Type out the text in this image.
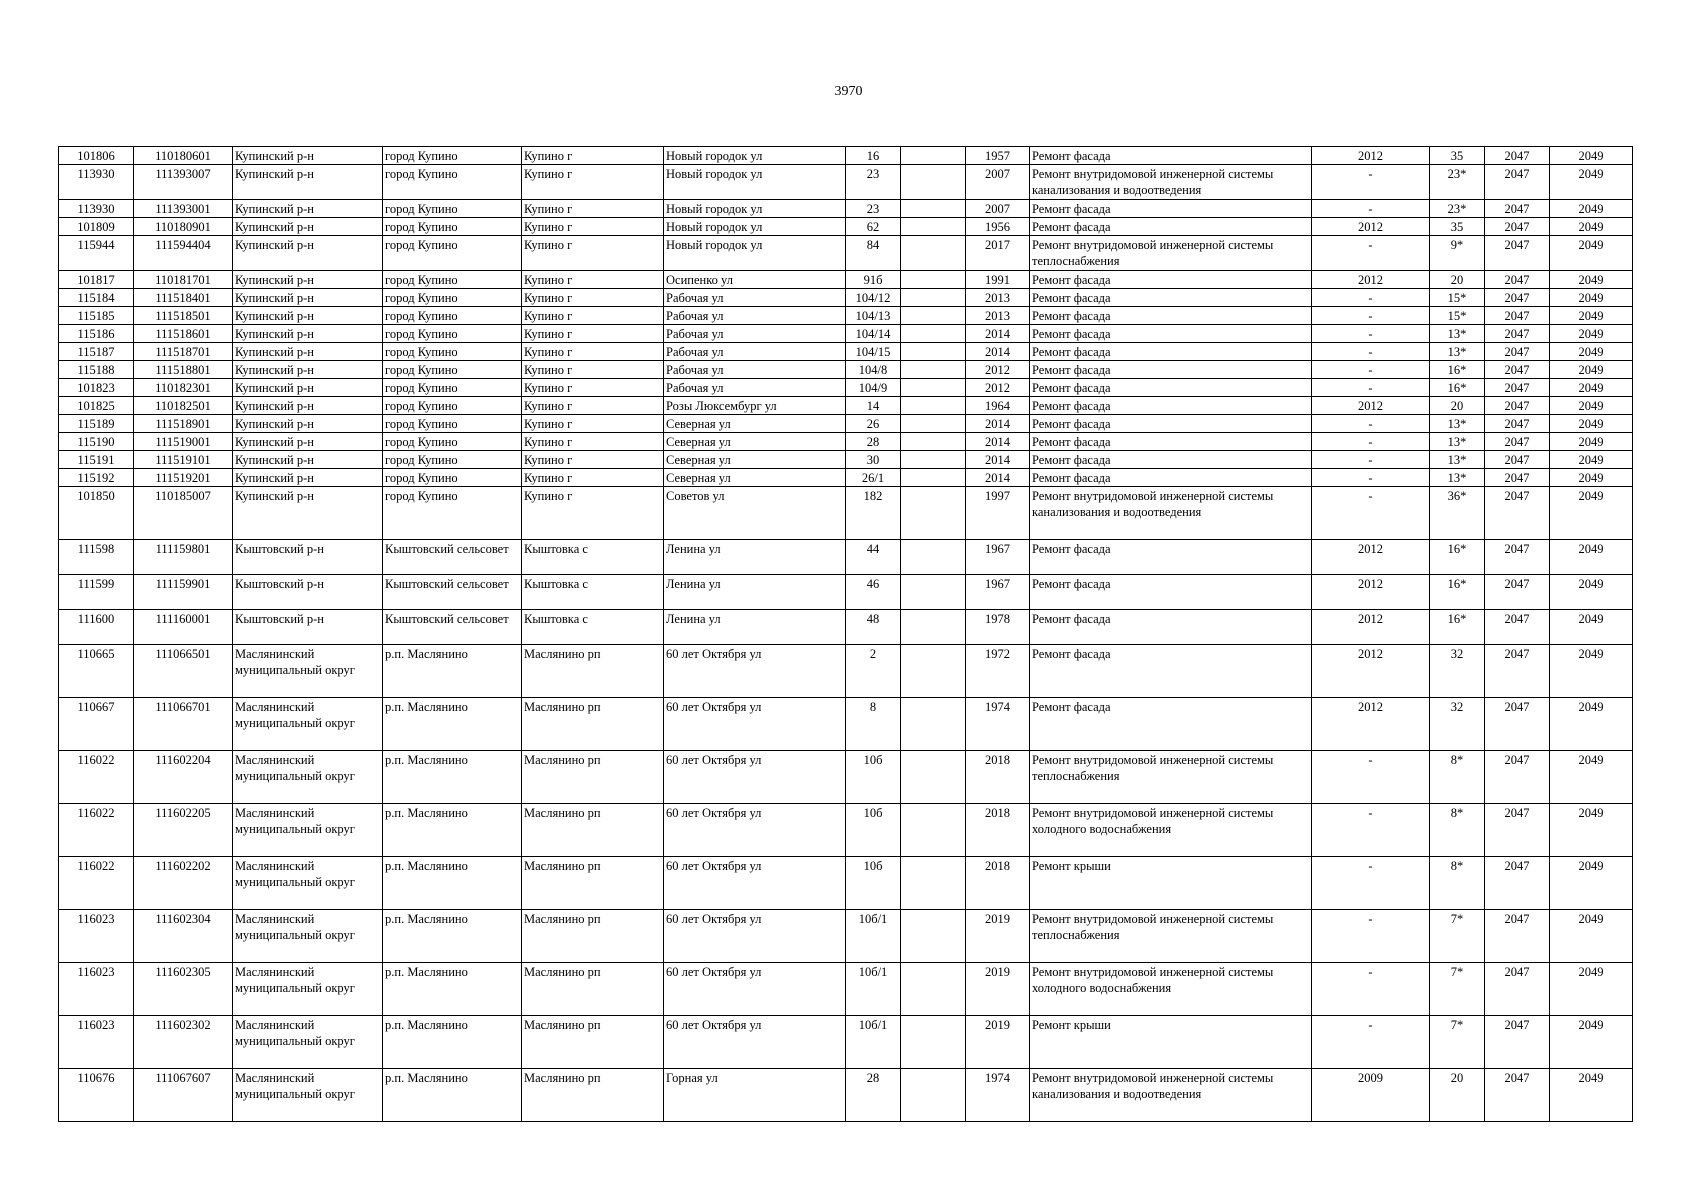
3970
101806	110180601	Купинский р-н	город Купино	Купино г	Новый городок ул	16		1957	Ремонт фасада	2012	35	2047	2049
113930	111393007	Купинский р-н	город Купино	Купино г	Новый городок ул	23		2007	Ремонт внутридомовой инженерной системы канализования и водоотведения	-	23*	2047	2049
113930	111393001	Купинский р-н	город Купино	Купино г	Новый городок ул	23		2007	Ремонт фасада	-	23*	2047	2049
101809	110180901	Купинский р-н	город Купино	Купино г	Новый городок ул	62		1956	Ремонт фасада	2012	35	2047	2049
115944	111594404	Купинский р-н	город Купино	Купино г	Новый городок ул	84		2017	Ремонт внутридомовой инженерной системы теплоснабжения	-	9*	2047	2049
101817	110181701	Купинский р-н	город Купино	Купино г	Осипенко ул	91б		1991	Ремонт фасада	2012	20	2047	2049
115184	111518401	Купинский р-н	город Купино	Купино г	Рабочая ул	104/12		2013	Ремонт фасада	-	15*	2047	2049
115185	111518501	Купинский р-н	город Купино	Купино г	Рабочая ул	104/13		2013	Ремонт фасада	-	15*	2047	2049
115186	111518601	Купинский р-н	город Купино	Купино г	Рабочая ул	104/14		2014	Ремонт фасада	-	13*	2047	2049
115187	111518701	Купинский р-н	город Купино	Купино г	Рабочая ул	104/15		2014	Ремонт фасада	-	13*	2047	2049
115188	111518801	Купинский р-н	город Купино	Купино г	Рабочая ул	104/8		2012	Ремонт фасада	-	16*	2047	2049
101823	110182301	Купинский р-н	город Купино	Купино г	Рабочая ул	104/9		2012	Ремонт фасада	-	16*	2047	2049
101825	110182501	Купинский р-н	город Купино	Купино г	Розы Люксембург ул	14		1964	Ремонт фасада	2012	20	2047	2049
115189	111518901	Купинский р-н	город Купино	Купино г	Северная ул	26		2014	Ремонт фасада	-	13*	2047	2049
115190	111519001	Купинский р-н	город Купино	Купино г	Северная ул	28		2014	Ремонт фасада	-	13*	2047	2049
115191	111519101	Купинский р-н	город Купино	Купино г	Северная ул	30		2014	Ремонт фасада	-	13*	2047	2049
115192	111519201	Купинский р-н	город Купино	Купино г	Северная ул	26/1		2014	Ремонт фасада	-	13*	2047	2049
101850	110185007	Купинский р-н	город Купино	Купино г	Советов ул	182		1997	Ремонт внутридомовой инженерной системы канализования и водоотведения	-	36*	2047	2049
111598	111159801	Кыштовский р-н	Кыштовский сельсовет	Кыштовка с	Ленина ул	44		1967	Ремонт фасада	2012	16*	2047	2049
111599	111159901	Кыштовский р-н	Кыштовский сельсовет	Кыштовка с	Ленина ул	46		1967	Ремонт фасада	2012	16*	2047	2049
111600	111160001	Кыштовский р-н	Кыштовский сельсовет	Кыштовка с	Ленина ул	48		1978	Ремонт фасада	2012	16*	2047	2049
110665	111066501	Маслянинский муниципальный округ	р.п. Маслянино	Маслянино рп	60 лет Октября ул	2		1972	Ремонт фасада	2012	32	2047	2049
110667	111066701	Маслянинский муниципальный округ	р.п. Маслянино	Маслянино рп	60 лет Октября ул	8		1974	Ремонт фасада	2012	32	2047	2049
116022	111602204	Маслянинский муниципальный округ	р.п. Маслянино	Маслянино рп	60 лет Октября ул	10б		2018	Ремонт внутридомовой инженерной системы теплоснабжения	-	8*	2047	2049
116022	111602205	Маслянинский муниципальный округ	р.п. Маслянино	Маслянино рп	60 лет Октября ул	10б		2018	Ремонт внутридомовой инженерной системы холодного водоснабжения	-	8*	2047	2049
116022	111602202	Маслянинский муниципальный округ	р.п. Маслянино	Маслянино рп	60 лет Октября ул	10б		2018	Ремонт крыши	-	8*	2047	2049
116023	111602304	Маслянинский муниципальный округ	р.п. Маслянино	Маслянино рп	60 лет Октября ул	10б/1		2019	Ремонт внутридомовой инженерной системы теплоснабжения	-	7*	2047	2049
116023	111602305	Маслянинский муниципальный округ	р.п. Маслянино	Маслянино рп	60 лет Октября ул	10б/1		2019	Ремонт внутридомовой инженерной системы холодного водоснабжения	-	7*	2047	2049
116023	111602302	Маслянинский муниципальный округ	р.п. Маслянино	Маслянино рп	60 лет Октября ул	10б/1		2019	Ремонт крыши	-	7*	2047	2049
110676	111067607	Маслянинский муниципальный округ	р.п. Маслянино	Маслянино рп	Горная ул	28		1974	Ремонт внутридомовой инженерной системы канализования и водоотведения	2009	20	2047	2049
